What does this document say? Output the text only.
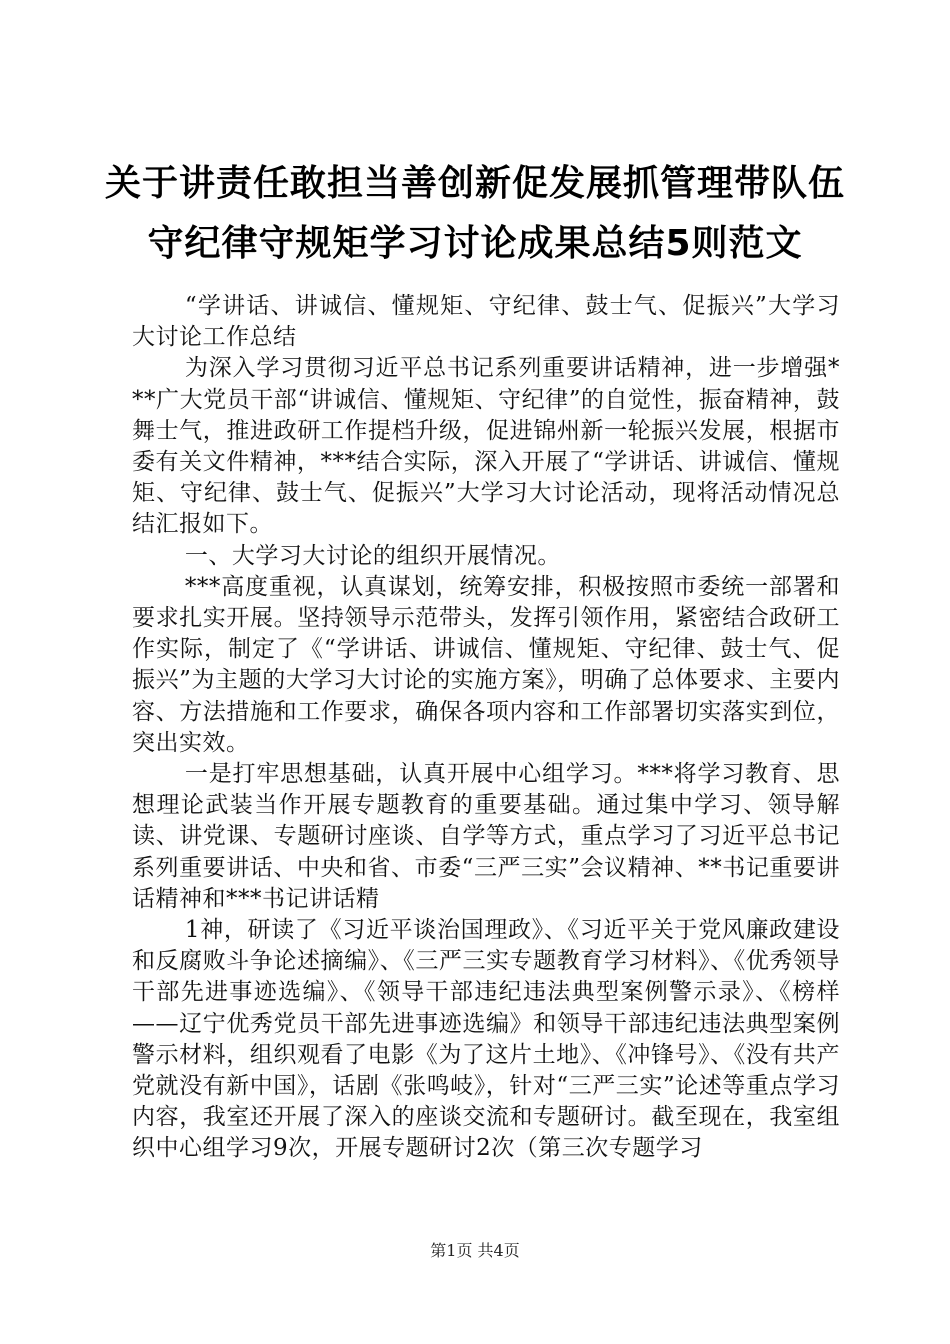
关于讲责任敢担当善创新促发展抓管理带队伍
守纪律守规矩学习讨论成果总结5则范文

“学讲话、讲诚信、懂规矩、守纪律、鼓士气、促振兴”大学习大讨论工作总结

为深入学习贯彻习近平总书记系列重要讲话精神，进一步增强***广大党员干部“讲诚信、懂规矩、守纪律”的自觉性，振奋精神，鼓舞士气，推进政研工作提档升级，促进锦州新一轮振兴发展，根据市委有关文件精神，***结合实际，深入开展了“学讲话、讲诚信、懂规矩、守纪律、鼓士气、促振兴”大学习大讨论活动，现将活动情况总结汇报如下。

一、大学习大讨论的组织开展情况。

***高度重视，认真谋划，统筹安排，积极按照市委统一部署和要求扎实开展。坚持领导示范带头，发挥引领作用，紧密结合政研工作实际，制定了《“学讲话、讲诚信、懂规矩、守纪律、鼓士气、促振兴”为主题的大学习大讨论的实施方案》，明确了总体要求、主要内容、方法措施和工作要求，确保各项内容和工作部署切实落实到位，突出实效。

一是打牢思想基础，认真开展中心组学习。***将学习教育、思想理论武装当作开展专题教育的重要基础。通过集中学习、领导解读、讲党课、专题研讨座谈、自学等方式，重点学习了习近平总书记系列重要讲话、中央和省、市委“三严三实”会议精神、**书记重要讲话精神和***书记讲话精

1神，研读了《习近平谈治国理政》、《习近平关于党风廉政建设和反腐败斗争论述摘编》、《三严三实专题教育学习材料》、《优秀领导干部先进事迹选编》、《领导干部违纪违法典型案例警示录》、《榜样——辽宁优秀党员干部先进事迹选编》和领导干部违纪违法典型案例警示材料，组织观看了电影《为了这片土地》、《冲锋号》、《没有共产党就没有新中国》，话剧《张鸣岐》，针对“三严三实”论述等重点学习内容，我室还开展了深入的座谈交流和专题研讨。截至现在，我室组织中心组学习9次，开展专题研讨2次（第三次专题学习

第1页 共4页
